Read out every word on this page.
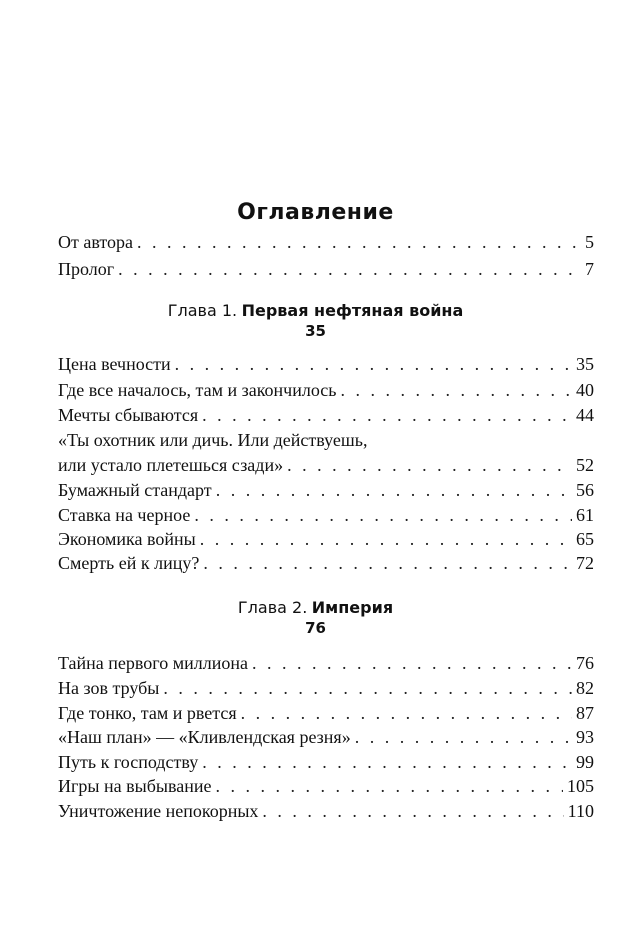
Оглавление
От автора . . .	5
Пролог . . .	7
Глава 1. Первая нефтяная война
35
Цена вечности . . .	35
Где все началось, там и закончилось . . .	40
Мечты сбываются . . .	44
«Ты охотник или дичь. Или действуешь,
или устало плетешься сзади» . . .	52
Бумажный стандарт . . .	56
Ставка на черное . . .	61
Экономика войны . . .	65
Смерть ей к лицу? . . .	72
Глава 2. Империя
76
Тайна первого миллиона . . .	76
На зов трубы . . .	82
Где тонко, там и рвется . . .	87
«Наш план» — «Кливлендская резня» . . .	93
Путь к господству . . .	99
Игры на выбывание . . .	105
Уничтожение непокорных . . .	110
